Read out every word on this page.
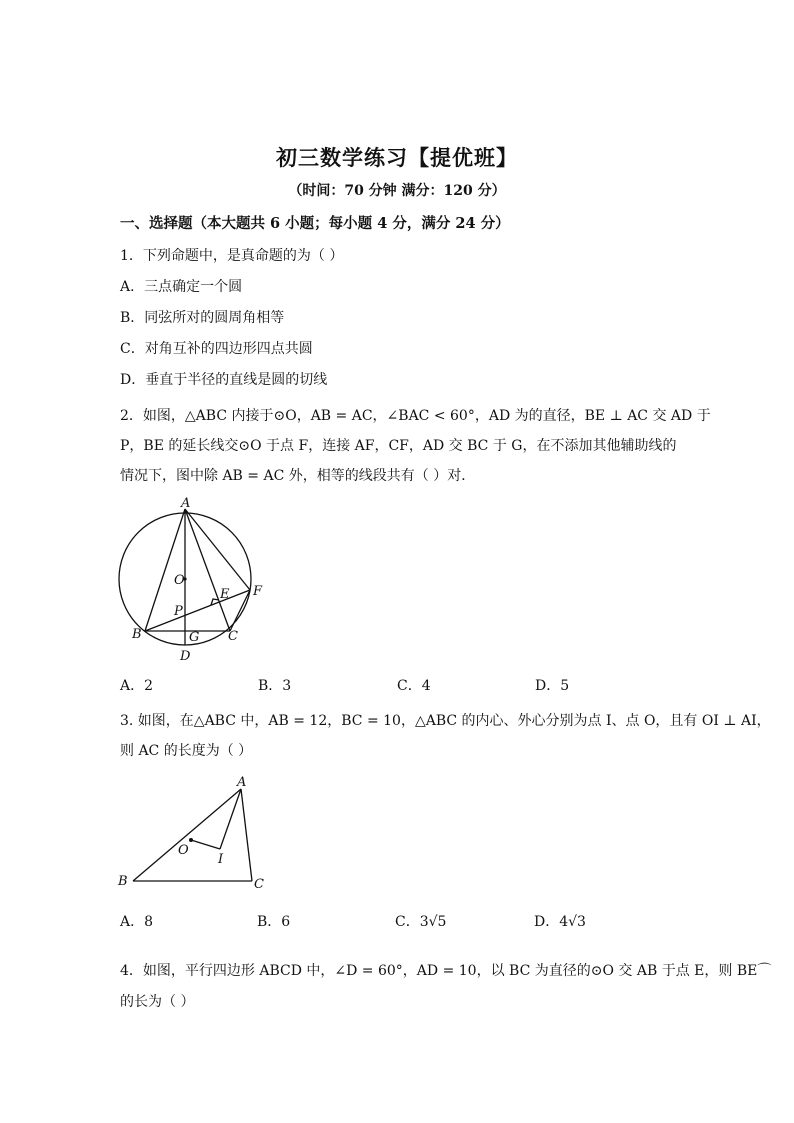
初三数学练习【提优班】
（时间：70 分钟 满分：120 分）
一、选择题（本大题共 6 小题；每小题 4 分，满分 24 分）
1．下列命题中，是真命题的为（ ）
A．三点确定一个圆
B．同弦所对的圆周角相等
C．对角互补的四边形四点共圆
D．垂直于半径的直线是圆的切线
2．如图，△ABC 内接于⊙O，AB = AC，∠BAC < 60°，AD 为的直径，BE ⊥ AC 交 AD 于
P，BE 的延长线交⊙O 于点 F，连接 AF，CF，AD 交 BC 于 G，在不添加其他辅助线的
情况下，图中除 AB = AC 外，相等的线段共有（ ）对．
A
O
E F
P
B	G C
D
A．2	B．3	C．4	D．5
3. 如图，在△ABC 中，AB = 12，BC = 10，△ABC 的内心、外心分别为点 I、点 O，且有 OI ⊥ AI，
则 AC 的长度为（ ）
A
O
I
B	C
A．8	B．6	C．3√5	D．4√3
4．如图，平行四边形 ABCD 中，∠D = 60°，AD = 10，以 BC 为直径的⊙O 交 AB 于点 E，则 BE⌒
的长为（ ）
